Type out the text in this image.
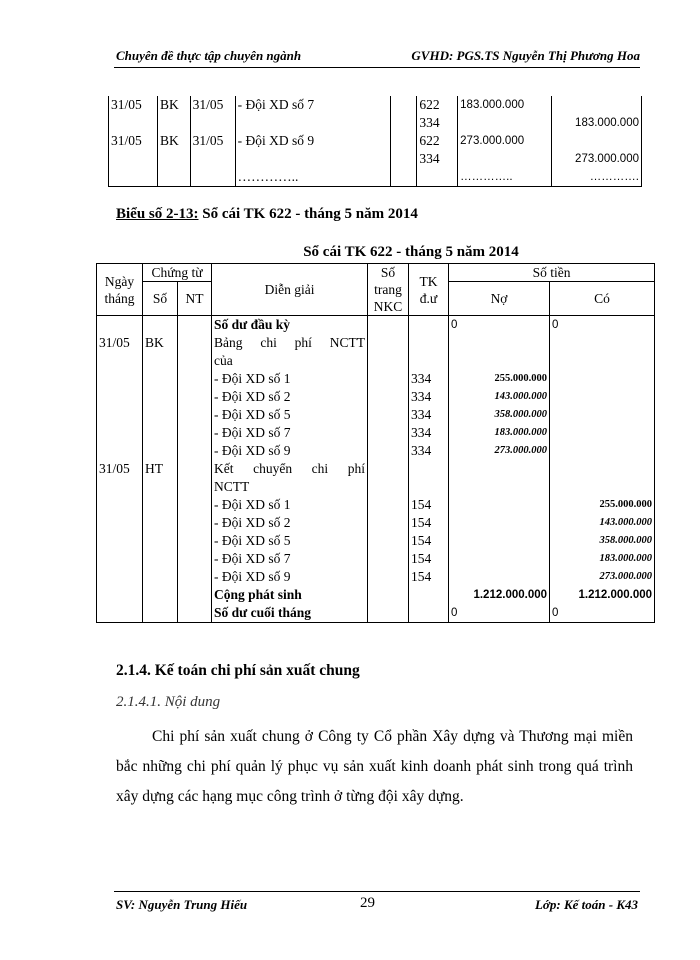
Chuyên đề thực tập chuyên ngành	GVHD: PGS.TS Nguyễn Thị Phương Hoa
31/05	BK	31/05	- Đội XD số 7		622	183.000.000	
					334		183.000.000
31/05	BK	31/05	- Đội XD số 9		622	273.000.000	
					334		273.000.000
			…………..			…………..	………….
Biểu số 2-13: Sổ cái TK 622 - tháng 5 năm 2014
Sổ cái TK 622 - tháng 5 năm 2014
Ngày tháng	Chứng từ		Diễn giải	Số trang NKC	TK đ.ư	Số tiền	
	Số	NT				Nợ	Có
			Số dư đầu kỳ			0	0
31/05	BK		Bảng chi phí NCTT				
			của				
			- Đội XD số 1		334	255.000.000	
			- Đội XD số 2		334	143.000.000	
			- Đội XD số 5		334	358.000.000	
			- Đội XD số 7		334	183.000.000	
			- Đội XD số 9		334	273.000.000	
31/05	HT		Kết chuyển chi phí				
			NCTT				
			- Đội XD số 1		154		255.000.000
			- Đội XD số 2		154		143.000.000
			- Đội XD số 5		154		358.000.000
			- Đội XD số 7		154		183.000.000
			- Đội XD số 9		154		273.000.000
			Cộng phát sinh			1.212.000.000	1.212.000.000
			Số dư cuối tháng			0	0
2.1.4. Kế toán chi phí sản xuất chung
2.1.4.1. Nội dung
Chi phí sản xuất chung ở Công ty Cổ phần Xây dựng và Thương mại miền bắc những chi phí quản lý phục vụ sản xuất kinh doanh phát sinh trong quá trình xây dựng các hạng mục công trình ở từng đội xây dựng.
SV: Nguyễn Trung Hiếu	29	Lớp: Kế toán - K43
